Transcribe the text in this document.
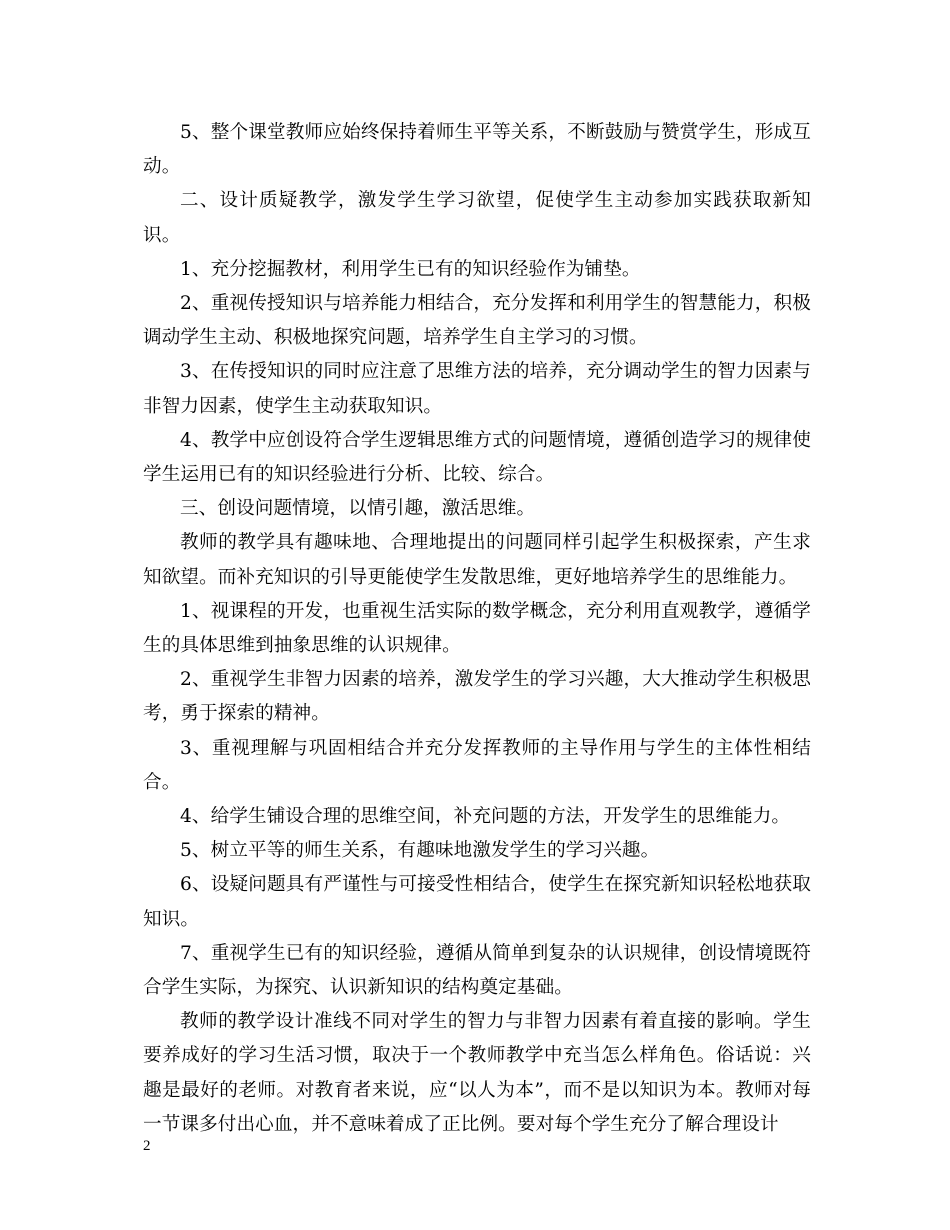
5、整个课堂教师应始终保持着师生平等关系，不断鼓励与赞赏学生，形成互动。

二、设计质疑教学，激发学生学习欲望，促使学生主动参加实践获取新知识。

1、充分挖掘教材，利用学生已有的知识经验作为铺垫。

2、重视传授知识与培养能力相结合，充分发挥和利用学生的智慧能力，积极调动学生主动、积极地探究问题，培养学生自主学习的习惯。

3、在传授知识的同时应注意了思维方法的培养，充分调动学生的智力因素与非智力因素，使学生主动获取知识。

4、教学中应创设符合学生逻辑思维方式的问题情境，遵循创造学习的规律使学生运用已有的知识经验进行分析、比较、综合。

三、创设问题情境，以情引趣，激活思维。

教师的教学具有趣味地、合理地提出的问题同样引起学生积极探索，产生求知欲望。而补充知识的引导更能使学生发散思维，更好地培养学生的思维能力。

1、视课程的开发，也重视生活实际的数学概念，充分利用直观教学，遵循学生的具体思维到抽象思维的认识规律。

2、重视学生非智力因素的培养，激发学生的学习兴趣，大大推动学生积极思考，勇于探索的精神。

3、重视理解与巩固相结合并充分发挥教师的主导作用与学生的主体性相结合。

4、给学生铺设合理的思维空间，补充问题的方法，开发学生的思维能力。

5、树立平等的师生关系，有趣味地激发学生的学习兴趣。

6、设疑问题具有严谨性与可接受性相结合，使学生在探究新知识轻松地获取知识。

7、重视学生已有的知识经验，遵循从简单到复杂的认识规律，创设情境既符合学生实际，为探究、认识新知识的结构奠定基础。

教师的教学设计准线不同对学生的智力与非智力因素有着直接的影响。学生要养成好的学习生活习惯，取决于一个教师教学中充当怎么样角色。俗话说：兴趣是最好的老师。对教育者来说，应“以人为本”，而不是以知识为本。教师对每一节课多付出心血，并不意味着成了正比例。要对每个学生充分了解合理设计

2
